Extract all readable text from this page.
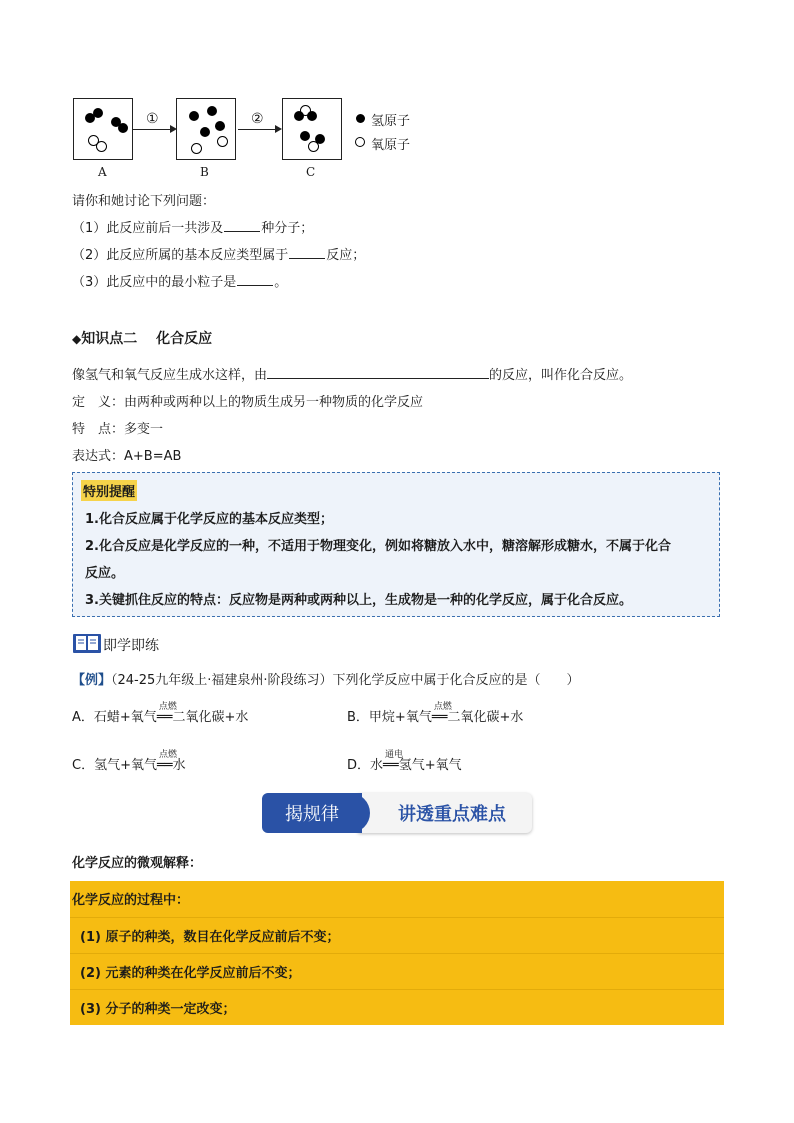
A
①
B
②
C
氢原子
氧原子
请你和她讨论下列问题：
（1）此反应前后一共涉及	种分子；
（2）此反应所属的基本反应类型属于	反应；
（3）此反应中的最小粒子是	。
◆知识点二　 化合反应
像氢气和氧气反应生成水这样，由	的反应，叫作化合反应。
定　义：由两种或两种以上的物质生成另一种物质的化学反应
特　点：多变一
表达式：A+B=AB
特别提醒
1.化合反应属于化学反应的基本反应类型；
2.化合反应是化学反应的一种，不适用于物理变化，例如将糖放入水中，糖溶解形成糖水，不属于化合
反应。
3.关键抓住反应的特点：反应物是两种或两种以上，生成物是一种的化学反应，属于化合反应。
即学即练
【例】（24-25九年级上·福建泉州·阶段练习）下列化学反应中属于化合反应的是（　　）
A．石蜡+氧气
点燃
══二氧化碳+水	B．甲烷+氧气
点燃
══二氧化碳+水
C．氢气+氧气
点燃
══水	D．水
通电
══氢气+氧气
讲透重点难点
揭规律
化学反应的微观解释：
化学反应的过程中：
(1) 原子的种类，数目在化学反应前后不变；
(2) 元素的种类在化学反应前后不变；
(3) 分子的种类一定改变；
